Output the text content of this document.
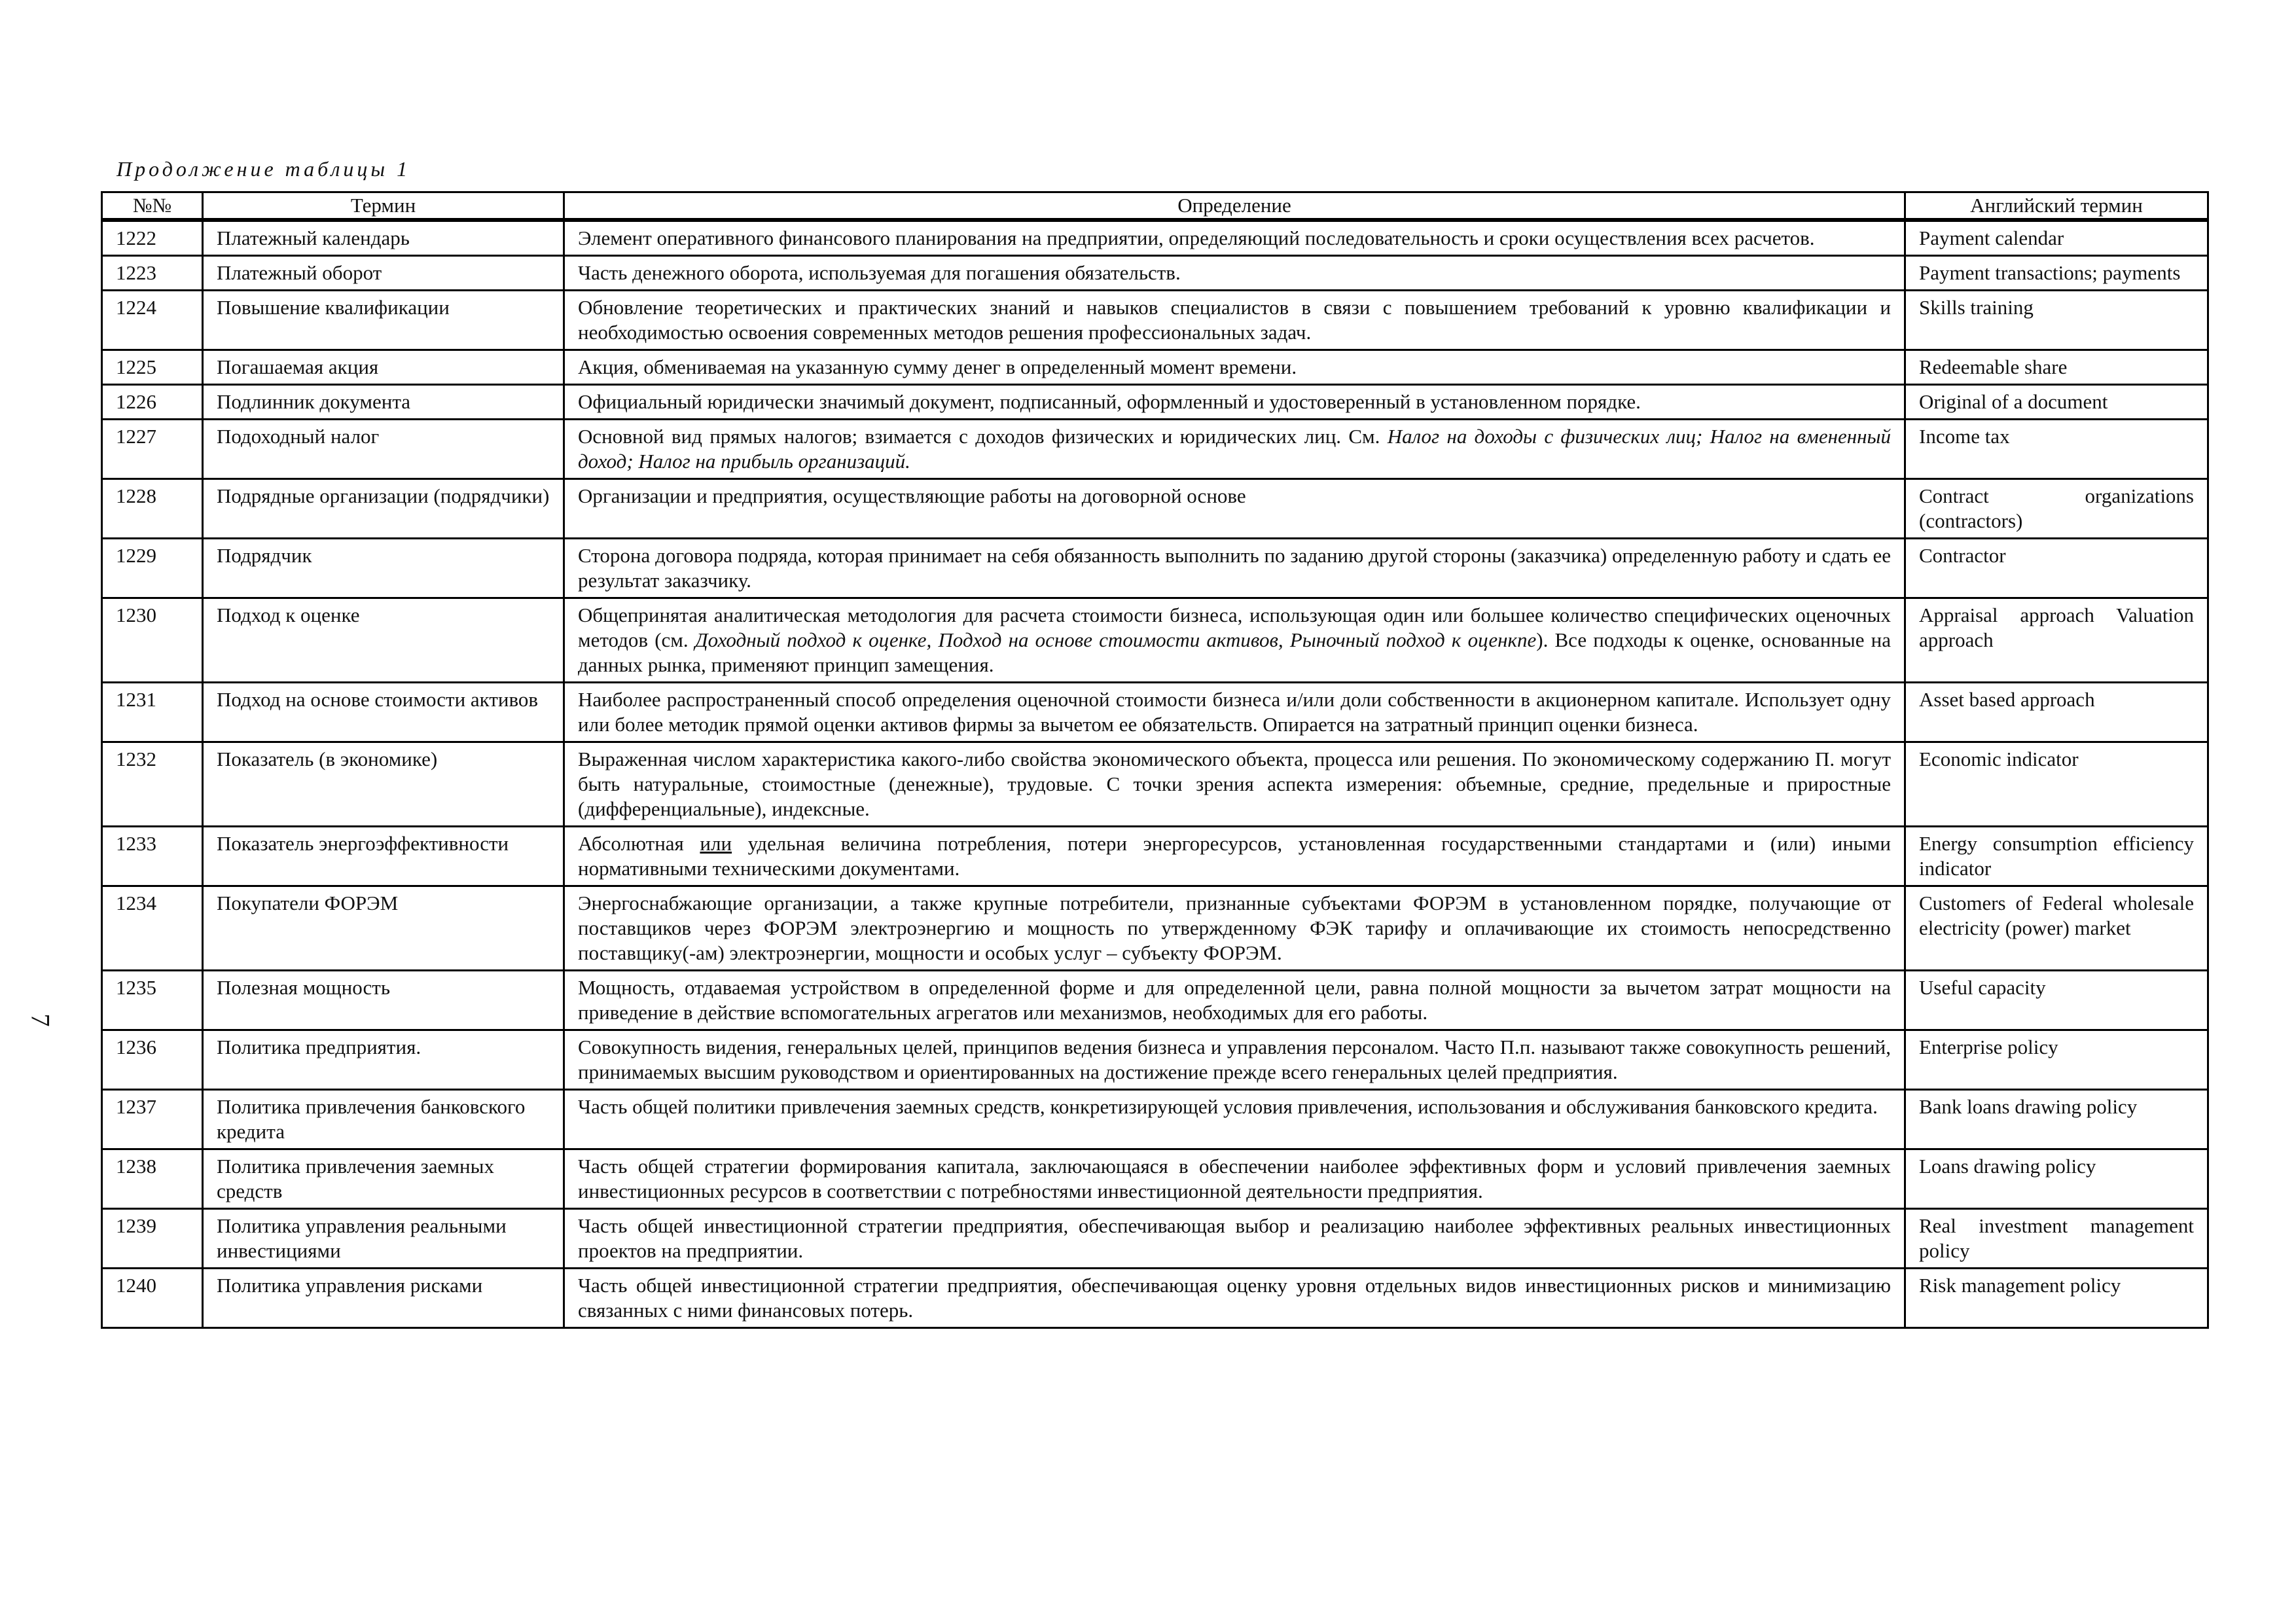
Продолжение таблицы 1
7
№№	Термин	Определение	Английский термин
1222	Платежный календарь	Элемент оперативного финансового планирования на предприятии, определяющий последовательность и сроки осуществления всех расчетов.	Payment calendar
1223	Платежный оборот	Часть денежного оборота, используемая для погашения обязательств.	Payment transactions; payments
1224	Повышение квалификации	Обновление теоретических и практических знаний и навыков специалистов в связи с повышением требований к уровню квалификации и необходимостью освоения современных методов решения профессиональных задач.	Skills training
1225	Погашаемая акция	Акция, обмениваемая на указанную сумму денег в определенный момент времени.	Redeemable share
1226	Подлинник документа	Официальный юридически значимый документ, подписанный, оформленный и удостоверенный в установленном порядке.	Original of a document
1227	Подоходный налог	Основной вид прямых налогов; взимается с доходов физических и юридических лиц. См. Налог на доходы с физических лиц; Налог на вмененный доход; Налог на прибыль организаций.	Income tax
1228	Подрядные организации (подрядчики)	Организации и предприятия, осуществляющие работы на договорной основе	Contract organizations (contractors)
1229	Подрядчик	Сторона договора подряда, которая принимает на себя обязанность выполнить по заданию другой стороны (заказчика) определенную работу и сдать ее результат заказчику.	Contractor
1230	Подход к оценке	Общепринятая аналитическая методология для расчета стоимости бизнеса, использующая один или большее количество специфических оценочных методов (см. Доходный подход к оценке, Подход на основе стоимости активов, Рыночный подход к оценкпе). Все подходы к оценке, основанные на данных рынка, применяют принцип замещения.	Appraisal approach Valuation approach
1231	Подход на основе стоимости активов	Наиболее распространенный способ определения оценочной стоимости бизнеса и/или доли собственности в акционерном капитале. Использует одну или более методик прямой оценки активов фирмы за вычетом ее обязательств. Опирается на затратный принцип оценки бизнеса.	Asset based approach
1232	Показатель (в экономике)	Выраженная числом характеристика какого-либо свойства экономического объекта, процесса или решения. По экономическому содержанию П. могут быть натуральные, стоимостные (денежные), трудовые. С точки зрения аспекта измерения: объемные, средние, предельные и приростные (дифференциальные), индексные.	Economic indicator
1233	Показатель энергоэффективности	Абсолютная или удельная величина потребления, потери энергоресурсов, установленная государственными стандартами и (или) иными нормативными техническими документами.	Energy consumption efficiency indicator
1234	Покупатели ФОРЭМ	Энергоснабжающие организации, а также крупные потребители, признанные субъектами ФОРЭМ в установленном порядке, получающие от поставщиков через ФОРЭМ электроэнергию и мощность по утвержденному ФЭК тарифу и оплачивающие их стоимость непосредственно поставщику(-ам) электроэнергии, мощности и особых услуг – субъекту ФОРЭМ.	Customers of Federal wholesale electricity (power) market
1235	Полезная мощность	Мощность, отдаваемая устройством в определенной форме и для определенной цели, равна полной мощности за вычетом затрат мощности на приведение в действие вспомогательных агрегатов или механизмов, необходимых для его работы.	Useful capacity
1236	Политика предприятия.	Совокупность видения, генеральных целей, принципов ведения бизнеса и управления персоналом. Часто П.п. называют также совокупность решений, принимаемых высшим руководством и ориентированных на достижение прежде всего генеральных целей предприятия.	Enterprise policy
1237	Политика привлечения банковского кредита	Часть общей политики привлечения заемных средств, конкретизирующей условия привлечения, использования и обслуживания банковского кредита.	Bank loans drawing policy
1238	Политика привлечения заемных средств	Часть общей стратегии формирования капитала, заключающаяся в обеспечении наиболее эффективных форм и условий привлечения заемных инвестиционных ресурсов в соответствии с потребностями инвестиционной деятельности предприятия.	Loans drawing policy
1239	Политика управления реальными инвестициями	Часть общей инвестиционной стратегии предприятия, обеспечивающая выбор и реализацию наиболее эффективных реальных инвестиционных проектов на предприятии.	Real investment management policy
1240	Политика управления рисками	Часть общей инвестиционной стратегии предприятия, обеспечивающая оценку уровня отдельных видов инвестиционных рисков и минимизацию связанных с ними финансовых потерь.	Risk management policy
